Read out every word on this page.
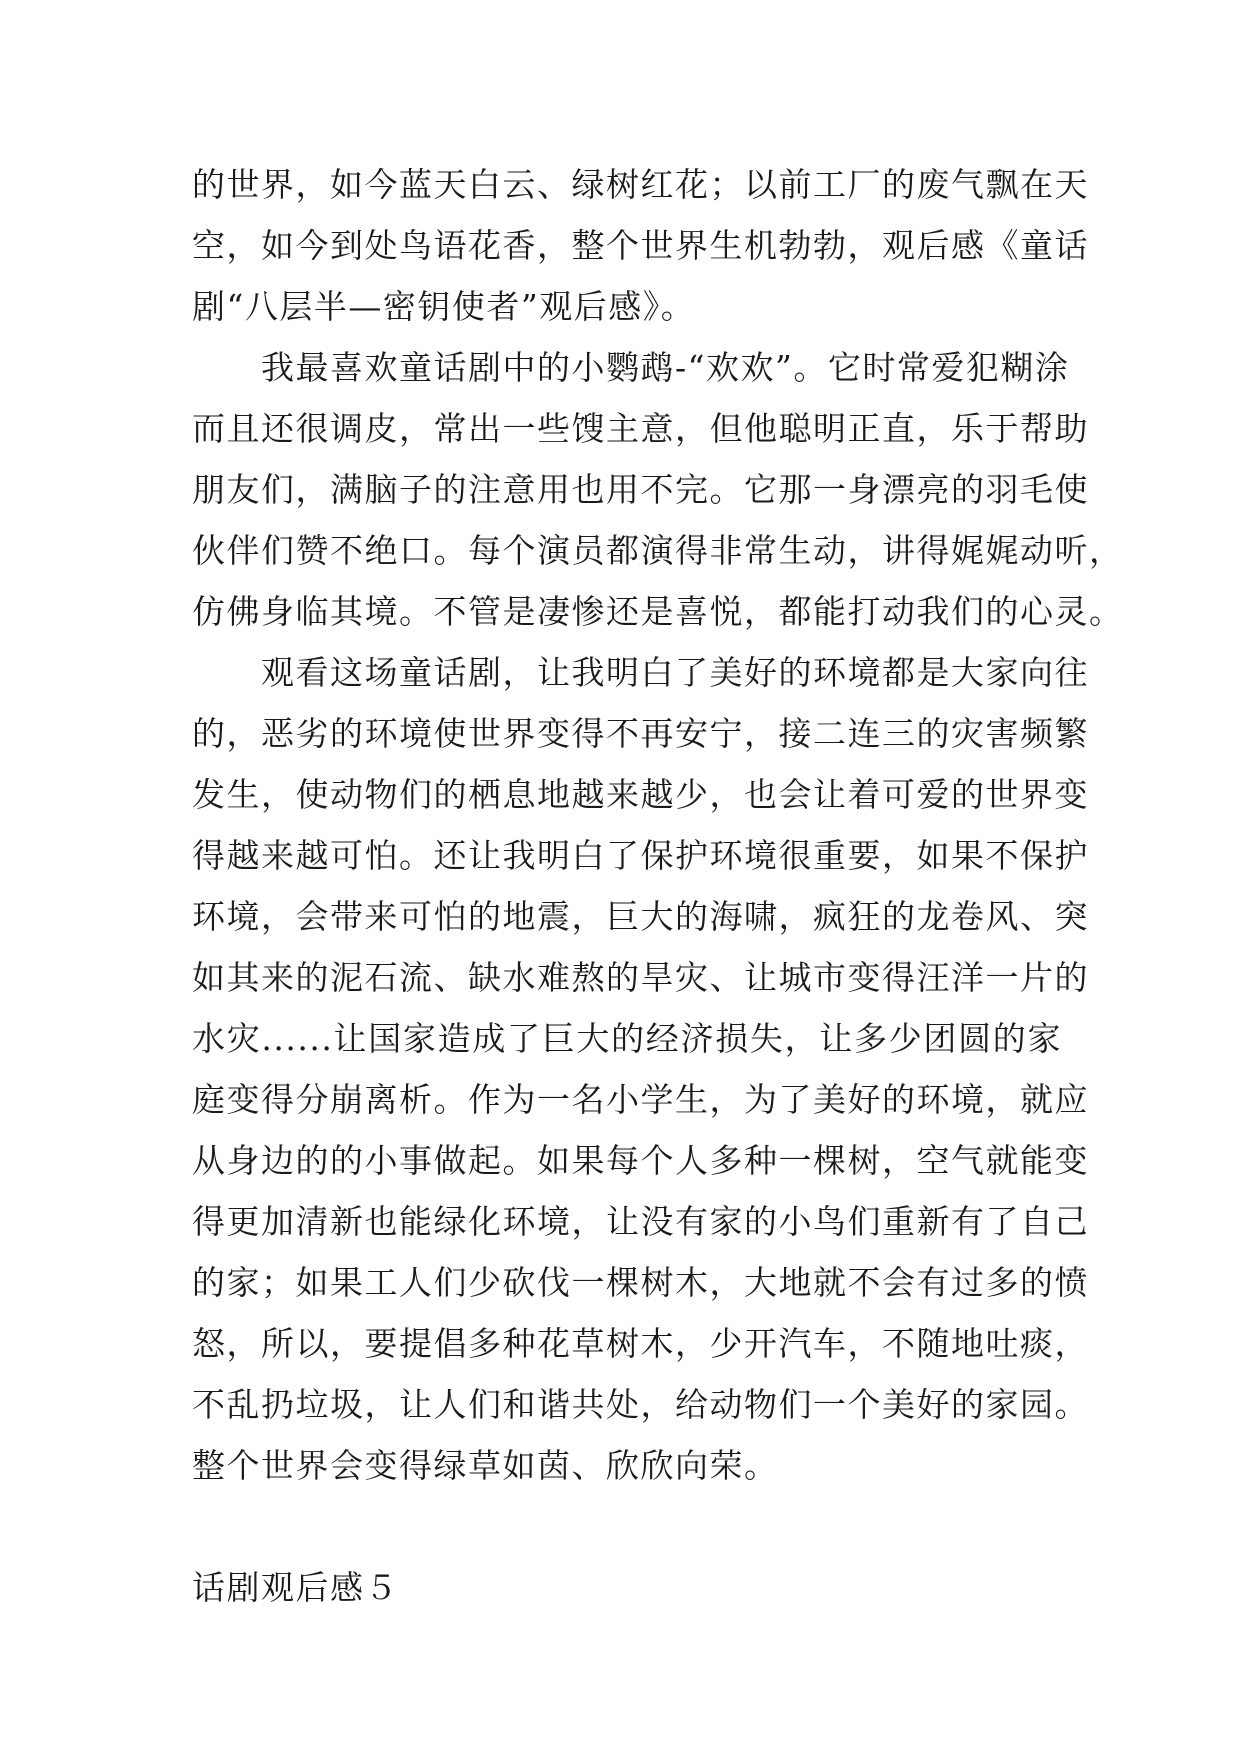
的世界，如今蓝天白云、绿树红花；以前工厂的废气飘在天
空，如今到处鸟语花香，整个世界生机勃勃，观后感《童话
剧“八层半—密钥使者”观后感》。
　　我最喜欢童话剧中的小鹦鹉-“欢欢”。它时常爱犯糊涂
而且还很调皮，常出一些馊主意，但他聪明正直，乐于帮助
朋友们，满脑子的注意用也用不完。它那一身漂亮的羽毛使
伙伴们赞不绝口。每个演员都演得非常生动，讲得娓娓动听，
仿佛身临其境。不管是凄惨还是喜悦，都能打动我们的心灵。
　　观看这场童话剧，让我明白了美好的环境都是大家向往
的，恶劣的环境使世界变得不再安宁，接二连三的灾害频繁
发生，使动物们的栖息地越来越少，也会让着可爱的世界变
得越来越可怕。还让我明白了保护环境很重要，如果不保护
环境，会带来可怕的地震，巨大的海啸，疯狂的龙卷风、突
如其来的泥石流、缺水难熬的旱灾、让城市变得汪洋一片的
水灾......让国家造成了巨大的经济损失，让多少团圆的家
庭变得分崩离析。作为一名小学生，为了美好的环境，就应
从身边的的小事做起。如果每个人多种一棵树，空气就能变
得更加清新也能绿化环境，让没有家的小鸟们重新有了自己
的家；如果工人们少砍伐一棵树木，大地就不会有过多的愤
怒，所以，要提倡多种花草树木，少开汽车，不随地吐痰，
不乱扔垃圾，让人们和谐共处，给动物们一个美好的家园。
整个世界会变得绿草如茵、欣欣向荣。
话剧观后感５
